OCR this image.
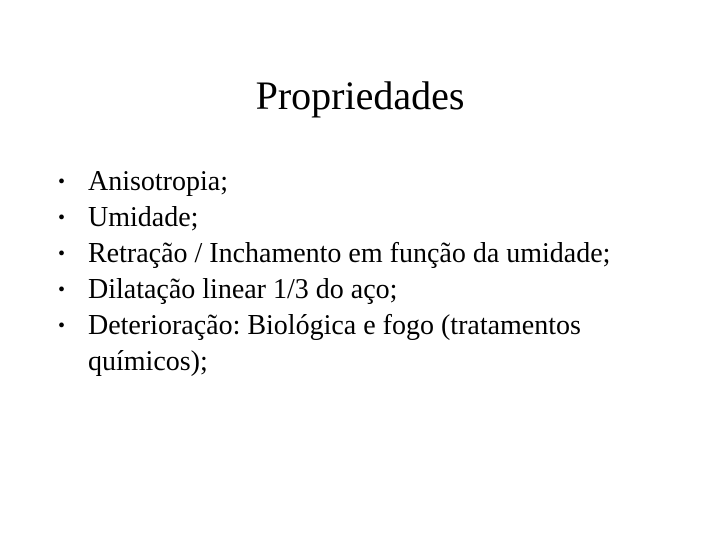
Propriedades
• Anisotropia;
• Umidade;
• Retração / Inchamento em função da umidade;
• Dilatação linear 1/3 do aço;
• Deterioração: Biológica e fogo (tratamentos químicos);
